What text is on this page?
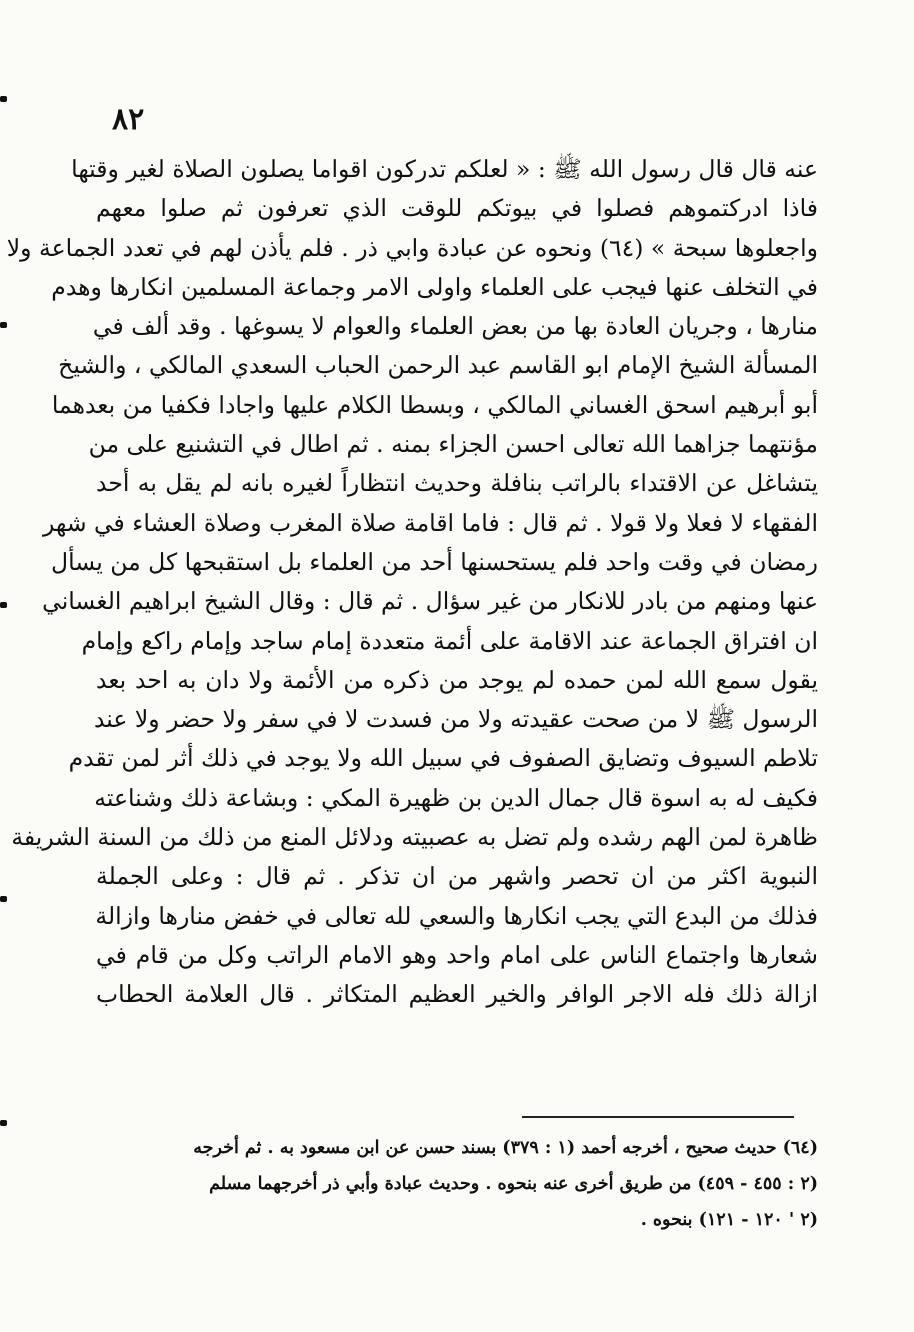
٨٢
عنه قال قال رسول الله ﷺ : « لعلكم تدركون اقواما يصلون الصلاة لغير وقتها
فاذا ادركتموهم فصلوا في بيوتكم للوقت الذي تعرفون ثم صلوا معهم
واجعلوها سبحة » (٦٤) ونحوه عن عبادة وابي ذر . فلم يأذن لهم في تعدد الجماعة ولا
في التخلف عنها فيجب على العلماء واولى الامر وجماعة المسلمين انكارها وهدم
منارها ، وجريان العادة بها من بعض العلماء والعوام لا يسوغها . وقد ألف في
المسألة الشيخ الإمام ابو القاسم عبد الرحمن الحباب السعدي المالكي ، والشيخ
أبو أبرهيم اسحق الغساني المالكي ، وبسطا الكلام عليها واجادا فكفيا من بعدهما
مؤنتهما جزاهما الله تعالى احسن الجزاء بمنه . ثم اطال في التشنيع على من
يتشاغل عن الاقتداء بالراتب بنافلة وحديث انتظاراً لغيره بانه لم يقل به أحد
الفقهاء لا فعلا ولا قولا . ثم قال : فاما اقامة صلاة المغرب وصلاة العشاء في شهر
رمضان في وقت واحد فلم يستحسنها أحد من العلماء بل استقبحها كل من يسأل
عنها ومنهم من بادر للانكار من غير سؤال . ثم قال : وقال الشيخ ابراهيم الغساني
ان افتراق الجماعة عند الاقامة على أئمة متعددة إمام ساجد وإمام راكع وإمام
يقول سمع الله لمن حمده لم يوجد من ذكره من الأئمة ولا دان به احد بعد
الرسول ﷺ لا من صحت عقيدته ولا من فسدت لا في سفر ولا حضر ولا عند
تلاطم السيوف وتضايق الصفوف في سبيل الله ولا يوجد في ذلك أثر لمن تقدم
فكيف له به اسوة قال جمال الدين بن ظهيرة المكي : وبشاعة ذلك وشناعته
ظاهرة لمن الهم رشده ولم تضل به عصبيته ودلائل المنع من ذلك من السنة الشريفة
النبوية اكثر من ان تحصر واشهر من ان تذكر . ثم قال : وعلى الجملة
فذلك من البدع التي يجب انكارها والسعي لله تعالى في خفض منارها وازالة
شعارها واجتماع الناس على امام واحد وهو الامام الراتب وكل من قام في
ازالة ذلك فله الاجر الوافر والخير العظيم المتكاثر . قال العلامة الحطاب
(٦٤) حديث صحيح ، أخرجه أحمد (١ : ٣٧٩) بسند حسن عن ابن مسعود به . ثم أخرجه
(٢ : ٤٥٥ - ٤٥٩) من طريق أخرى عنه بنحوه . وحديث عبادة وأبي ذر أخرجهما مسلم
(٢ ' ١٢٠ - ١٢١) بنحوه .
